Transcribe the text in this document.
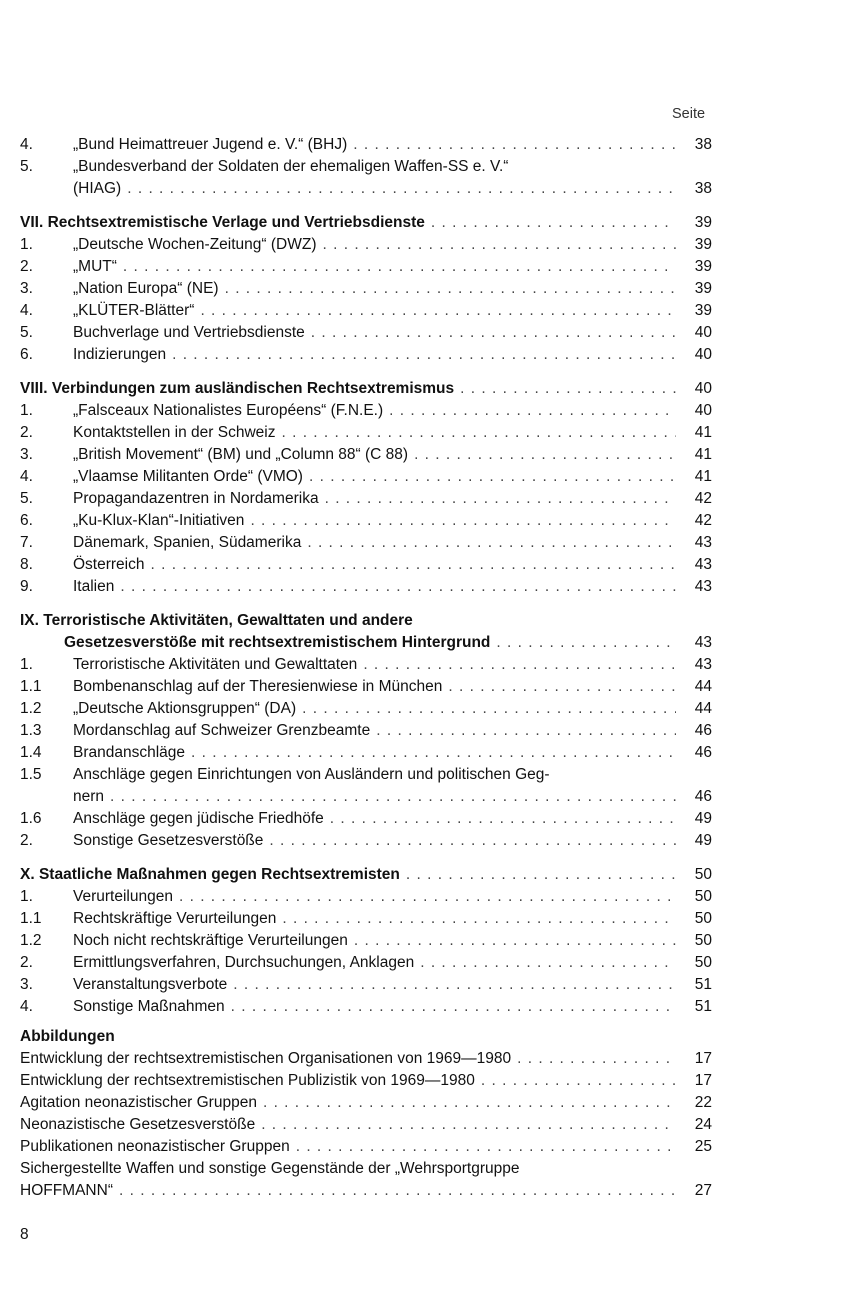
Seite
4.	„Bund Heimattreuer Jugend e. V.“ (BHJ) . . .	38
5.	„Bundesverband der Soldaten der ehemaligen Waffen-SS e. V.“
(HIAG) . . .	38
VII. Rechtsextremistische Verlage und Vertriebsdienste . . .	39
1.	„Deutsche Wochen-Zeitung“ (DWZ) . . .	39
2.	„MUT“ . . .	39
3.	„Nation Europa“ (NE) . . .	39
4.	„KLÜTER-Blätter“ . . .	39
5.	Buchverlage und Vertriebsdienste . . .	40
6.	Indizierungen . . .	40
VIII. Verbindungen zum ausländischen Rechtsextremismus . . .	40
1.	„Falsceaux Nationalistes Européens“ (F.N.E.) . . .	40
2.	Kontaktstellen in der Schweiz . . .	41
3.	„British Movement“ (BM) und „Column 88“ (C 88) . . .	41
4.	„Vlaamse Militanten Orde“ (VMO) . . .	41
5.	Propagandazentren in Nordamerika . . .	42
6.	„Ku-Klux-Klan“-Initiativen . . .	42
7.	Dänemark, Spanien, Südamerika . . .	43
8.	Österreich . . .	43
9.	Italien . . .	43
IX. Terroristische Aktivitäten, Gewalttaten und andere
Gesetzesverstöße mit rechtsextremistischem Hintergrund . . .	43
1.	Terroristische Aktivitäten und Gewalttaten . . .	43
1.1	Bombenanschlag auf der Theresienwiese in München . . .	44
1.2	„Deutsche Aktionsgruppen“ (DA) . . .	44
1.3	Mordanschlag auf Schweizer Grenzbeamte . . .	46
1.4	Brandanschläge . . .	46
1.5	Anschläge gegen Einrichtungen von Ausländern und politischen Geg-
nern . . .	46
1.6	Anschläge gegen jüdische Friedhöfe . . .	49
2.	Sonstige Gesetzesverstöße . . .	49
X. Staatliche Maßnahmen gegen Rechtsextremisten . . .	50
1.	Verurteilungen . . .	50
1.1	Rechtskräftige Verurteilungen . . .	50
1.2	Noch nicht rechtskräftige Verurteilungen . . .	50
2.	Ermittlungsverfahren, Durchsuchungen, Anklagen . . .	50
3.	Veranstaltungsverbote . . .	51
4.	Sonstige Maßnahmen . . .	51
Abbildungen
Entwicklung der rechtsextremistischen Organisationen von 1969—1980 . . .	17
Entwicklung der rechtsextremistischen Publizistik von 1969—1980 . . .	17
Agitation neonazistischer Gruppen . . .	22
Neonazistische Gesetzesverstöße . . .	24
Publikationen neonazistischer Gruppen . . .	25
Sichergestellte Waffen und sonstige Gegenstände der „Wehrsportgruppe
HOFFMANN“ . . .	27
8
